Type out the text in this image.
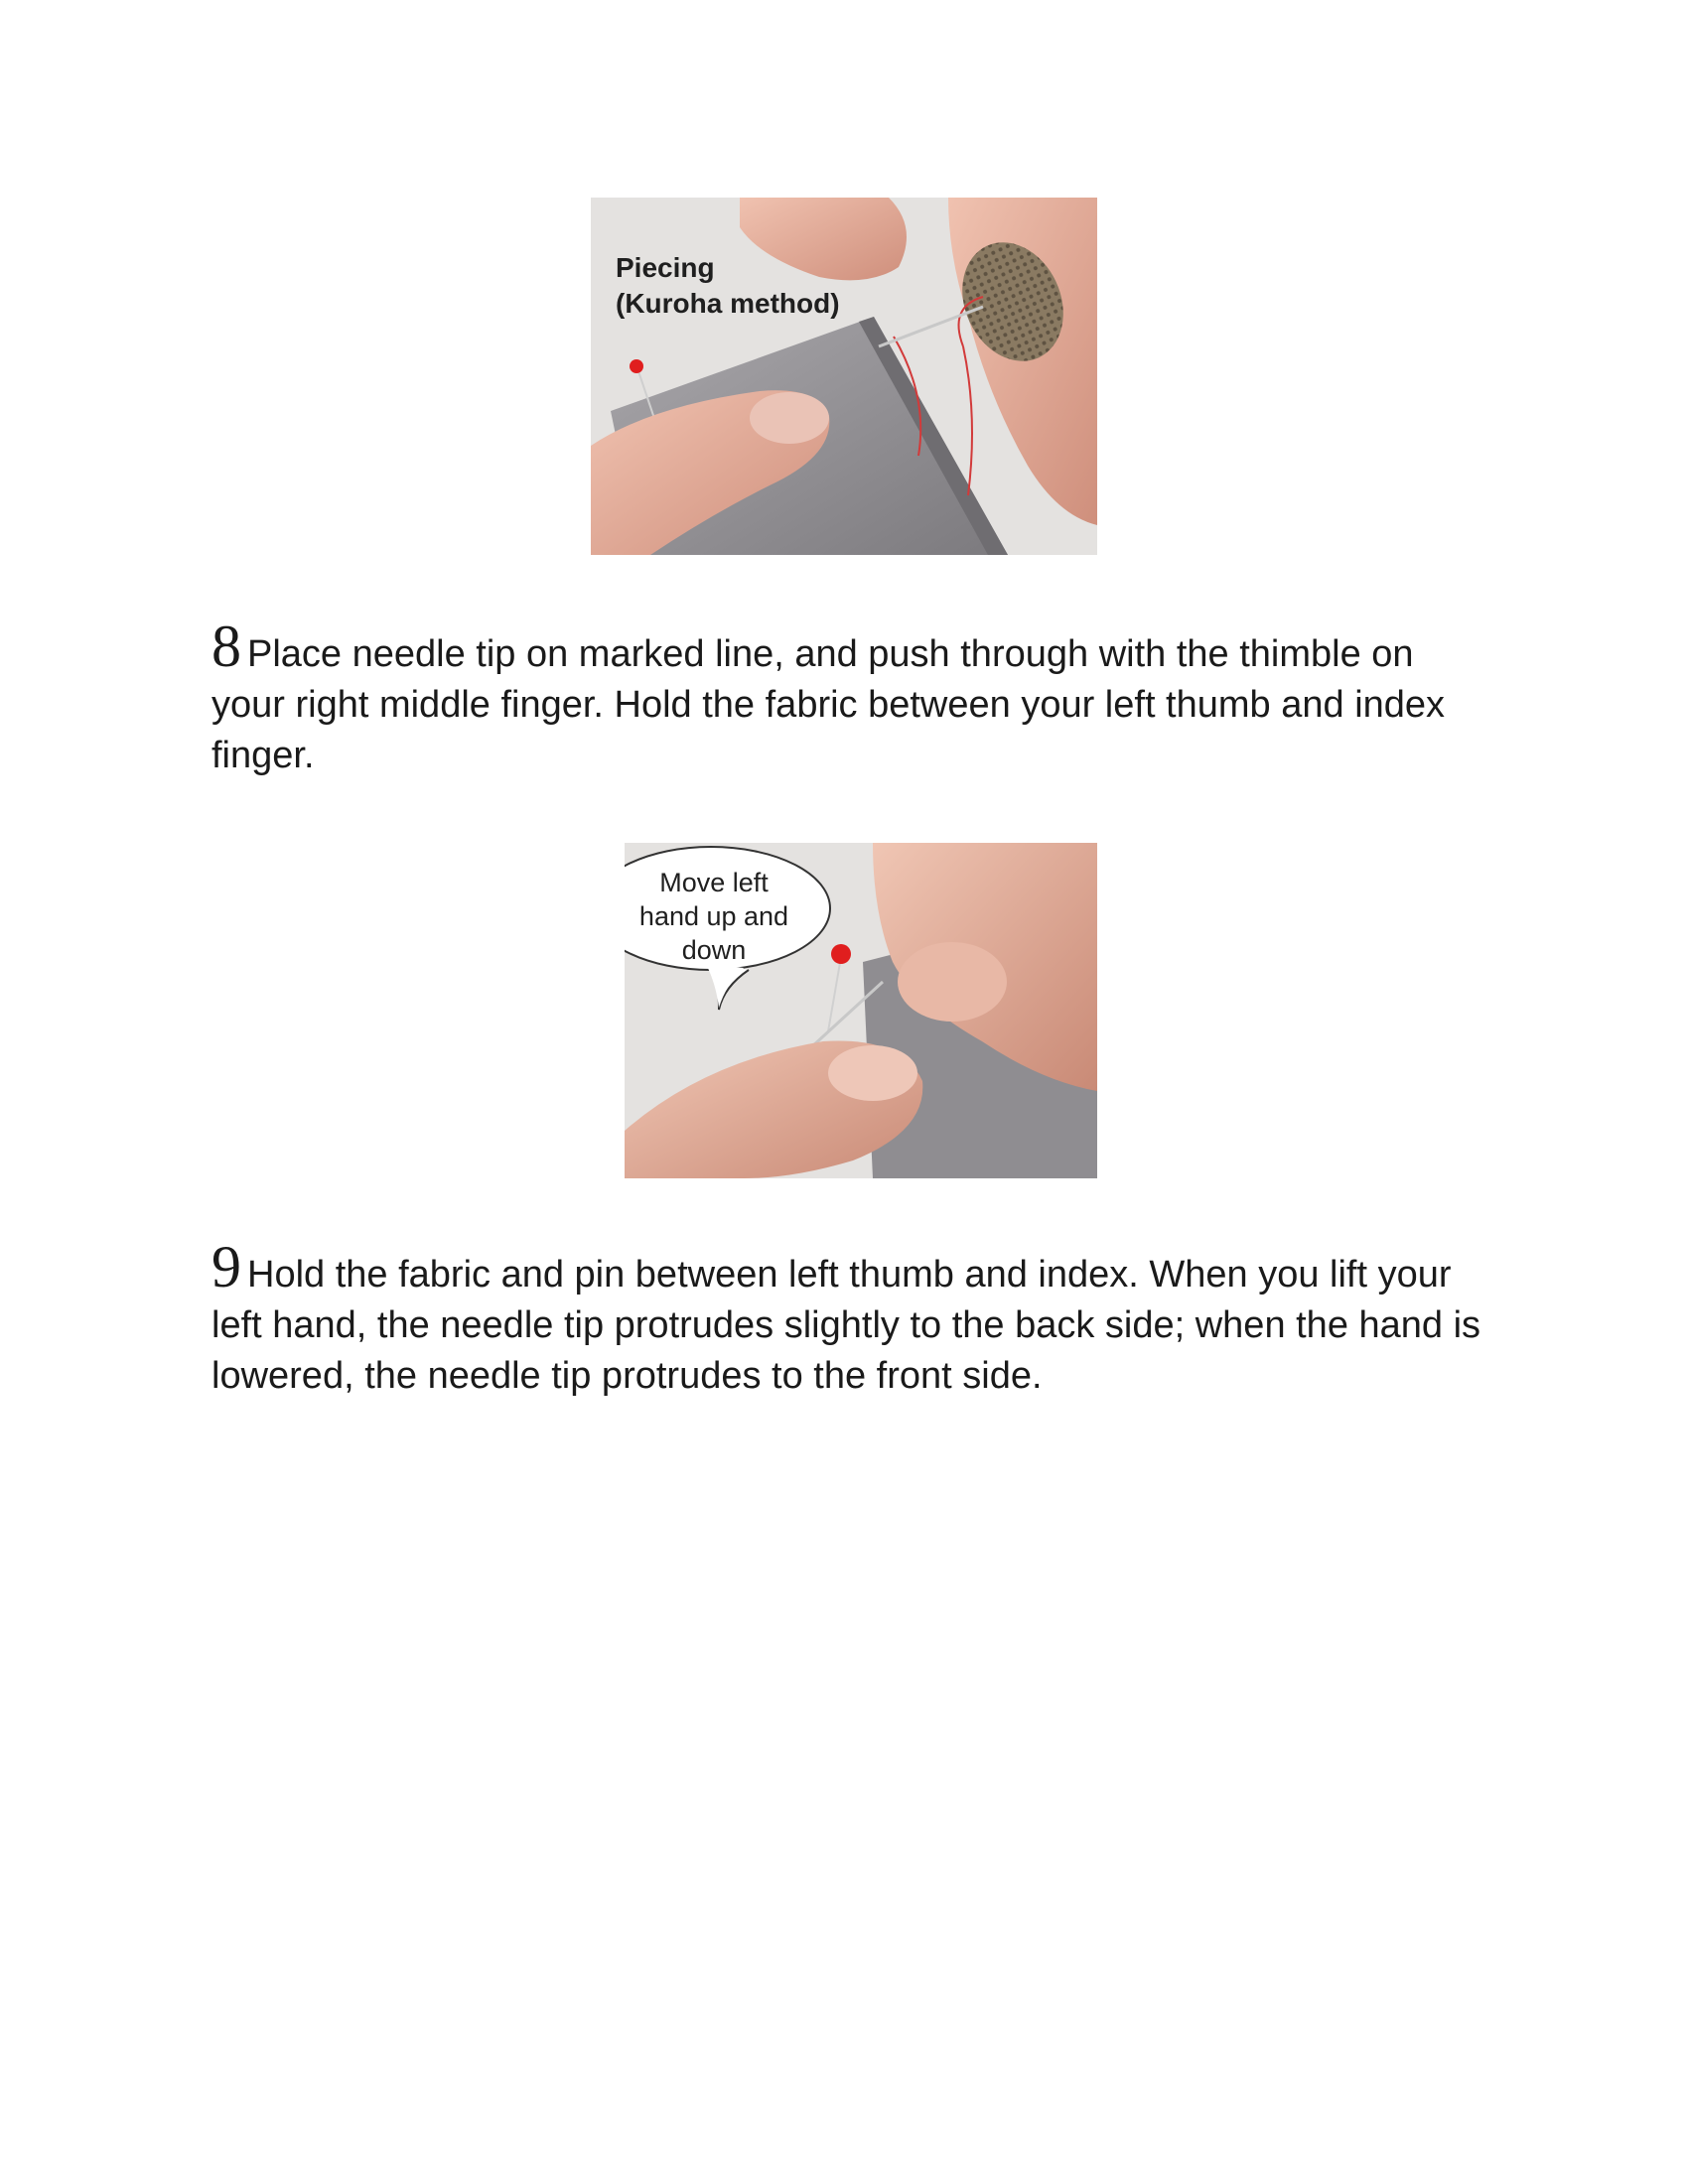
Piecing
(Kuroha method)

8 Place needle tip on marked line, and push through with the thimble on your right middle finger. Hold the fabric between your left thumb and index finger.

Move left
hand up and
down

9 Hold the fabric and pin between left thumb and index. When you lift your left hand, the needle tip protrudes slightly to the back side; when the hand is lowered, the needle tip protrudes to the front side.
